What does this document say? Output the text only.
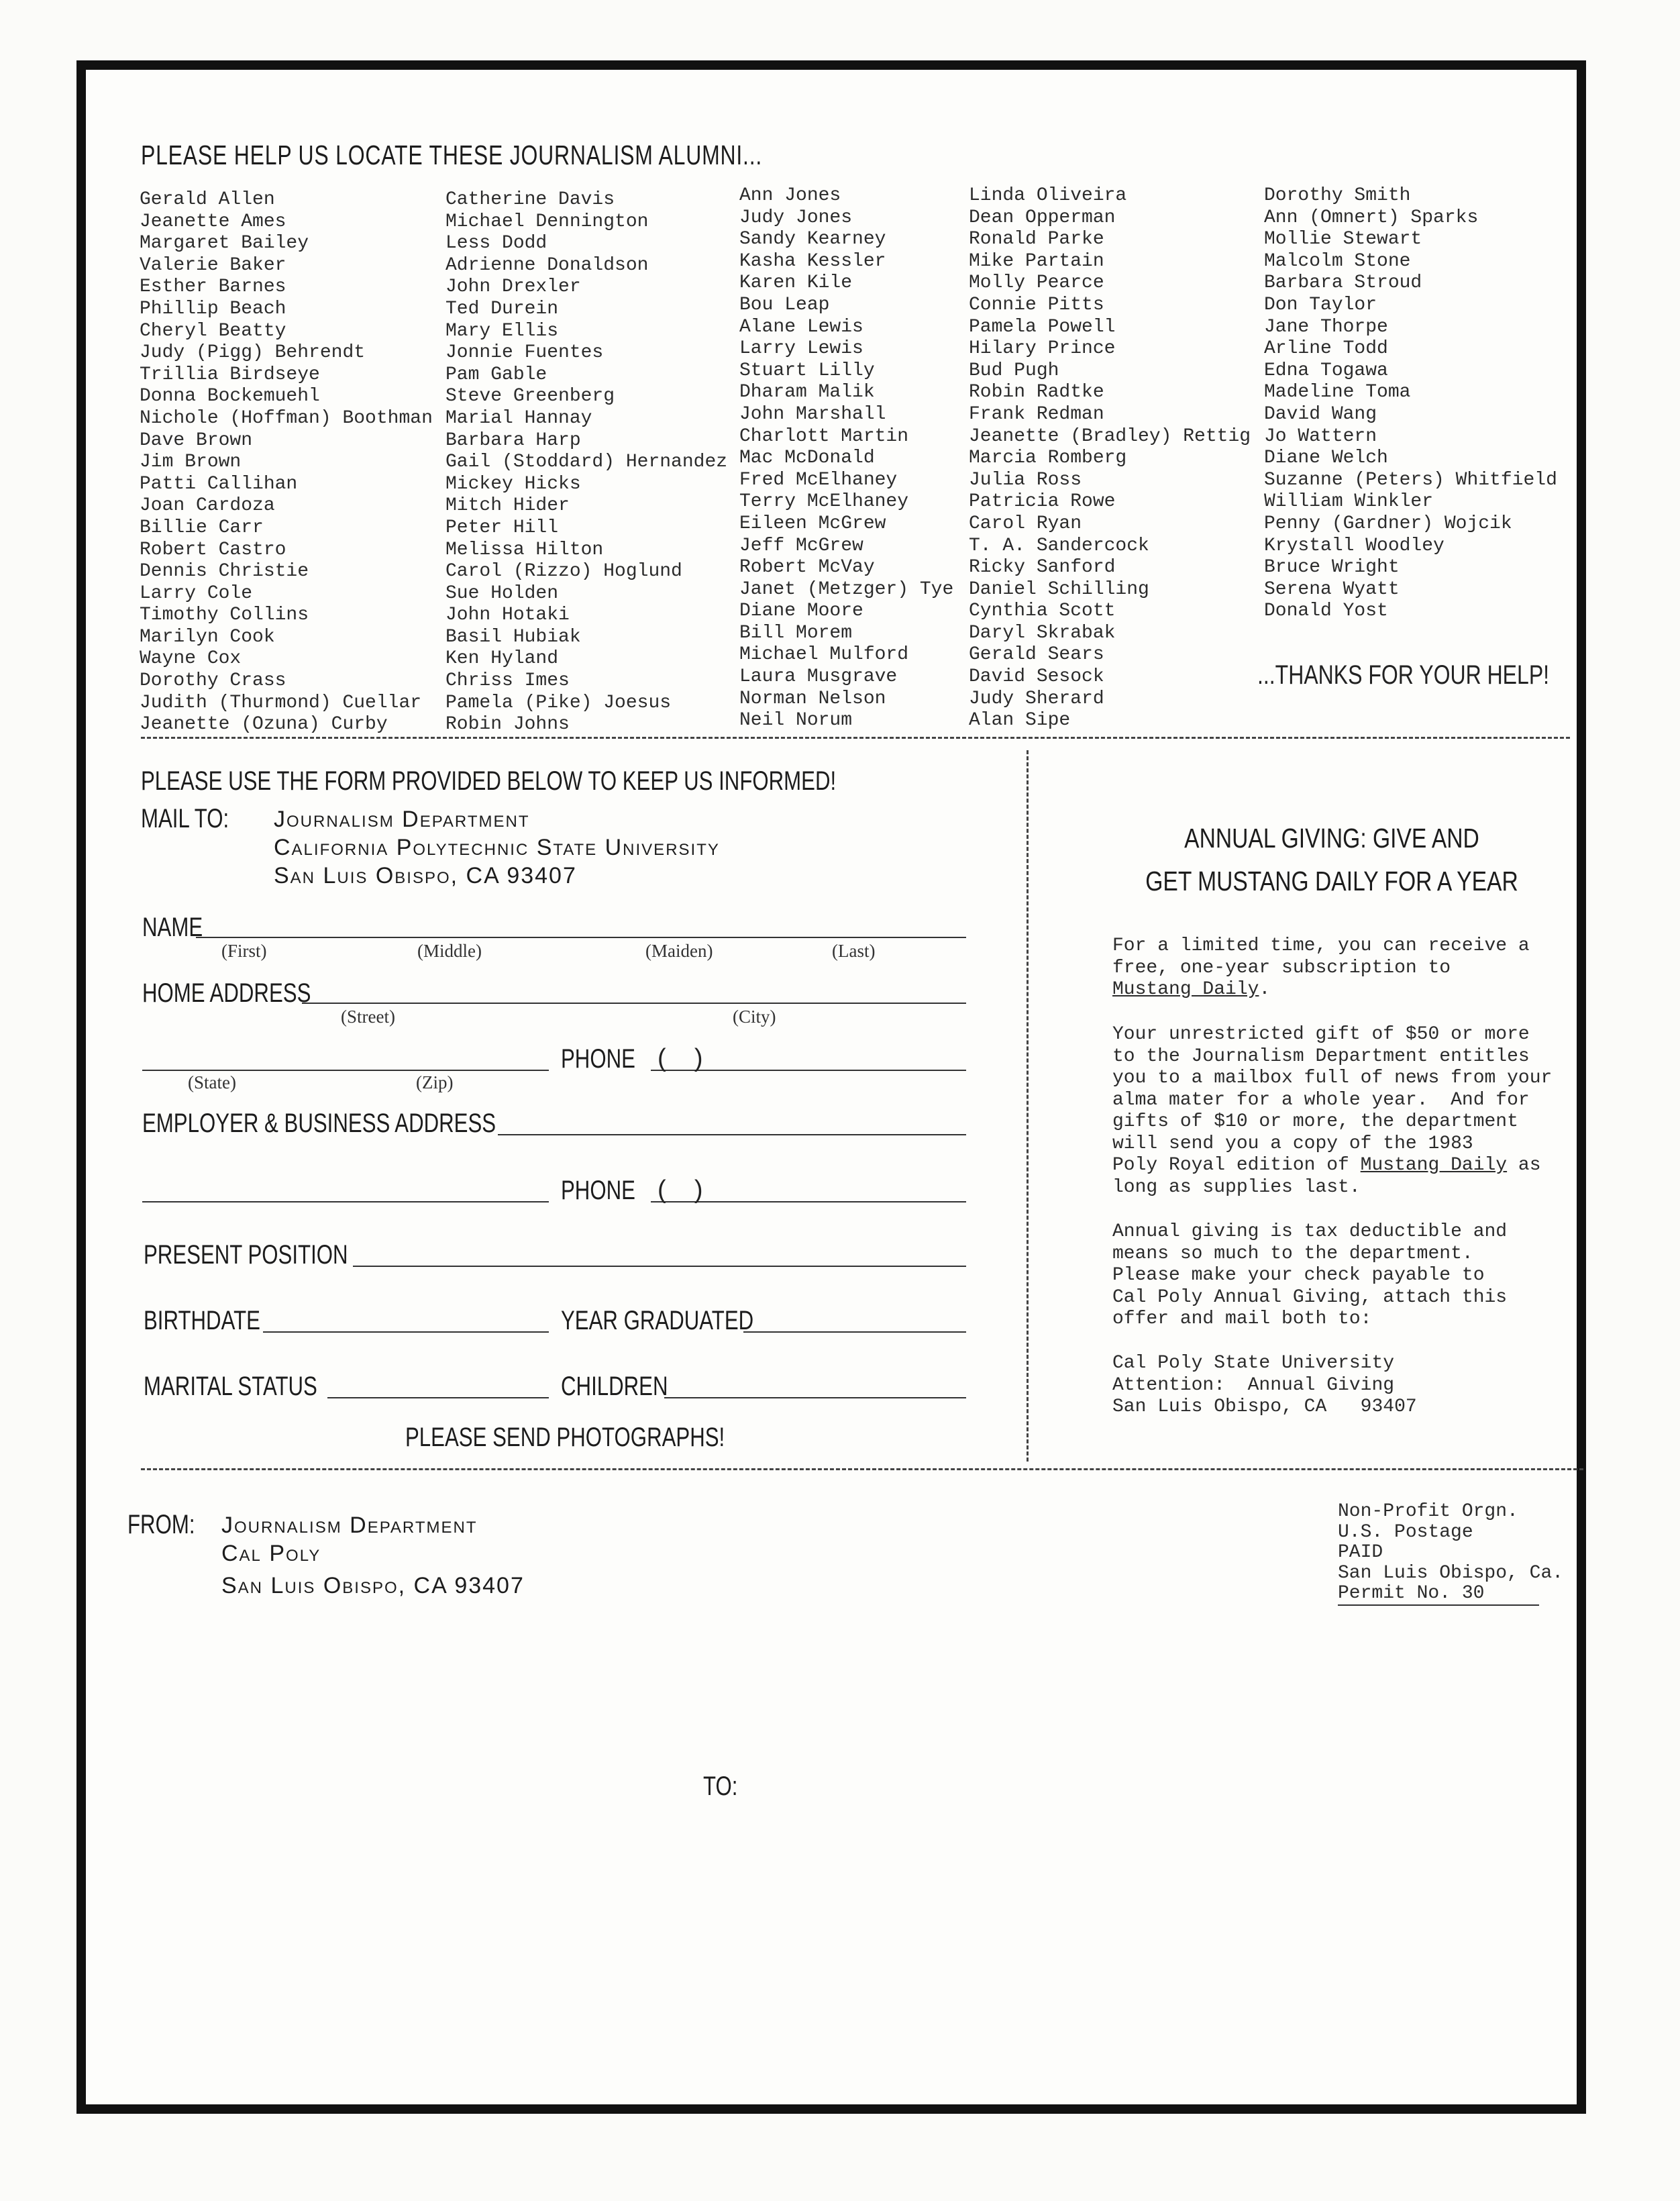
PLEASE HELP US LOCATE THESE JOURNALISM ALUMNI...
Gerald Allen
Jeanette Ames
Margaret Bailey
Valerie Baker
Esther Barnes
Phillip Beach
Cheryl Beatty
Judy (Pigg) Behrendt
Trillia Birdseye
Donna Bockemuehl
Nichole (Hoffman) Boothman
Dave Brown
Jim Brown
Patti Callihan
Joan Cardoza
Billie Carr
Robert Castro
Dennis Christie
Larry Cole
Timothy Collins
Marilyn Cook
Wayne Cox
Dorothy Crass
Judith (Thurmond) Cuellar
Jeanette (Ozuna) Curby
Catherine Davis
Michael Dennington
Less Dodd
Adrienne Donaldson
John Drexler
Ted Durein
Mary Ellis
Jonnie Fuentes
Pam Gable
Steve Greenberg
Marial Hannay
Barbara Harp
Gail (Stoddard) Hernandez
Mickey Hicks
Mitch Hider
Peter Hill
Melissa Hilton
Carol (Rizzo) Hoglund
Sue Holden
John Hotaki
Basil Hubiak
Ken Hyland
Chriss Imes
Pamela (Pike) Joesus
Robin Johns
Ann Jones
Judy Jones
Sandy Kearney
Kasha Kessler
Karen Kile
Bou Leap
Alane Lewis
Larry Lewis
Stuart Lilly
Dharam Malik
John Marshall
Charlott Martin
Mac McDonald
Fred McElhaney
Terry McElhaney
Eileen McGrew
Jeff McGrew
Robert McVay
Janet (Metzger) Tye
Diane Moore
Bill Morem
Michael Mulford
Laura Musgrave
Norman Nelson
Neil Norum
Linda Oliveira
Dean Opperman
Ronald Parke
Mike Partain
Molly Pearce
Connie Pitts
Pamela Powell
Hilary Prince
Bud Pugh
Robin Radtke
Frank Redman
Jeanette (Bradley) Rettig
Marcia Romberg
Julia Ross
Patricia Rowe
Carol Ryan
T. A. Sandercock
Ricky Sanford
Daniel Schilling
Cynthia Scott
Daryl Skrabak
Gerald Sears
David Sesock
Judy Sherard
Alan Sipe
Dorothy Smith
Ann (Omnert) Sparks
Mollie Stewart
Malcolm Stone
Barbara Stroud
Don Taylor
Jane Thorpe
Arline Todd
Edna Togawa
Madeline Toma
David Wang
Jo Wattern
Diane Welch
Suzanne (Peters) Whitfield
William Winkler
Penny (Gardner) Wojcik
Krystall Woodley
Bruce Wright
Serena Wyatt
Donald Yost
...THANKS FOR YOUR HELP!
PLEASE USE THE FORM PROVIDED BELOW TO KEEP US INFORMED!
MAIL TO: Journalism Department
California Polytechnic State University
San Luis Obispo, CA 93407
NAME
(First)	(Middle)	(Maiden)	(Last)
HOME ADDRESS
(Street)	(City)
PHONE (    )
(State)	(Zip)
EMPLOYER & BUSINESS ADDRESS
PHONE (    )
PRESENT POSITION
BIRTHDATE	YEAR GRADUATED
MARITAL STATUS	CHILDREN
PLEASE SEND PHOTOGRAPHS!
ANNUAL GIVING: GIVE AND
GET MUSTANG DAILY FOR A YEAR
For a limited time, you can receive a
free, one-year subscription to
Mustang Daily.
Your unrestricted gift of $50 or more
to the Journalism Department entitles
you to a mailbox full of news from your
alma mater for a whole year.  And for
gifts of $10 or more, the department
will send you a copy of the 1983
Poly Royal edition of Mustang Daily as
long as supplies last.
Annual giving is tax deductible and
means so much to the department.
Please make your check payable to
Cal Poly Annual Giving, attach this
offer and mail both to:
Cal Poly State University
Attention:  Annual Giving
San Luis Obispo, CA   93407
FROM: Journalism Department
Cal Poly
San Luis Obispo, CA 93407
Non-Profit Orgn.
U.S. Postage
PAID
San Luis Obispo, Ca.
Permit No. 30
TO:
